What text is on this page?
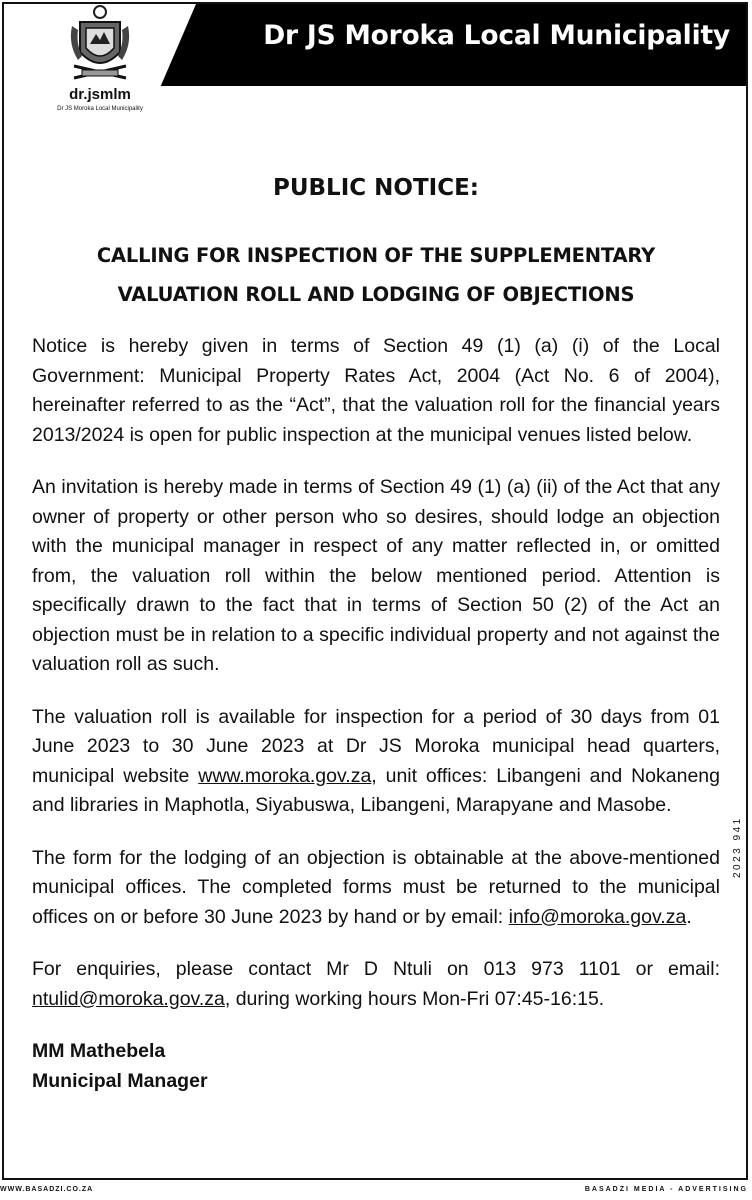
dr.jsmlm
Dr JS Moroka Local Municipality
Dr JS Moroka Local Municipality
PUBLIC NOTICE:
CALLING FOR INSPECTION OF THE SUPPLEMENTARY
VALUATION ROLL AND LODGING OF OBJECTIONS

Notice is hereby given in terms of Section 49 (1) (a) (i) of the Local Government: Municipal Property Rates Act, 2004 (Act No. 6 of 2004), hereinafter referred to as the “Act”, that the valuation roll for the financial years 2013/2024 is open for public inspection at the municipal venues listed below.

An invitation is hereby made in terms of Section 49 (1) (a) (ii) of the Act that any owner of property or other person who so desires, should lodge an objection with the municipal manager in respect of any matter reflected in, or omitted from, the valuation roll within the below mentioned period. Attention is specifically drawn to the fact that in terms of Section 50 (2) of the Act an objection must be in relation to a specific individual property and not against the valuation roll as such.

The valuation roll is available for inspection for a period of 30 days from 01 June 2023 to 30 June 2023 at Dr JS Moroka municipal head quarters, municipal website www.moroka.gov.za, unit offices: Libangeni and Nokaneng and libraries in Maphotla, Siyabuswa, Libangeni, Marapyane and Masobe.

The form for the lodging of an objection is obtainable at the above-mentioned municipal offices. The completed forms must be returned to the municipal offices on or before 30 June 2023 by hand or by email: info@moroka.gov.za.

For enquiries, please contact Mr D Ntuli on 013 973 1101 or email: ntulid@moroka.gov.za, during working hours Mon-Fri 07:45-16:15.

MM Mathebela

Municipal Manager

2023 941
WWW.BASADZI.CO.ZA	BASADZI MEDIA - ADVERTISING
